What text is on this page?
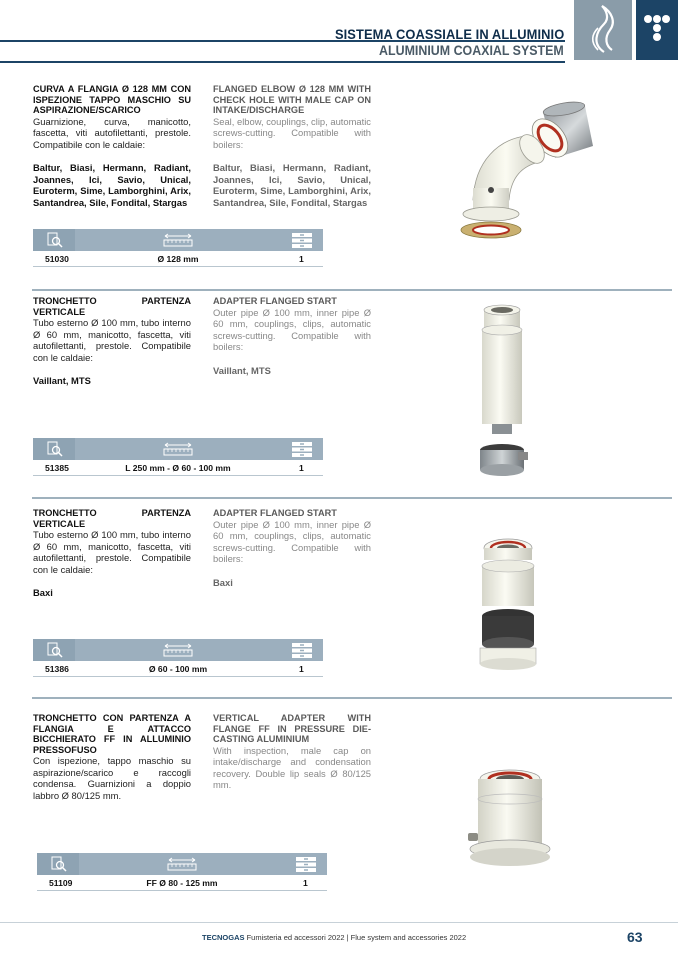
SISTEMA COASSIALE IN ALLUMINIO
ALUMINIUM COAXIAL SYSTEM

CURVA A FLANGIA Ø 128 MM CON ISPEZIONE TAPPO MASCHIO SU ASPIRAZIONE/SCARICO

Guarnizione, curva, manicotto, fascetta, viti autofilettanti, prestole. Compatibile con le caldaie:

Baltur, Biasi, Hermann, Radiant, Joannes, Ici, Savio, Unical, Euroterm, Sime, Lamborghini, Arix, Santandrea, Sile, Fondital, Stargas

FLANGED ELBOW Ø 128 MM WITH CHECK HOLE WITH MALE CAP ON INTAKE/DISCHARGE

Seal, elbow, couplings, clip, automatic screws-cutting. Compatible with boilers:

Baltur, Biasi, Hermann, Radiant, Joannes, Ici, Savio, Unical, Euroterm, Sime, Lamborghini, Arix, Santandrea, Sile, Fondital, Stargas

51030	Ø 128 mm	1

TRONCHETTO PARTENZA VERTICALE

Tubo esterno Ø 100 mm, tubo interno Ø 60 mm, manicotto, fascetta, viti autofilettanti, prestole. Compatibile con le caldaie:

Vaillant, MTS

ADAPTER FLANGED START

Outer pipe Ø 100 mm, inner pipe Ø 60 mm, couplings, clips, automatic screws-cutting. Compatible with boilers:

Vaillant, MTS

51385	L 250 mm - Ø 60 - 100 mm	1

TRONCHETTO PARTENZA VERTICALE

Tubo esterno Ø 100 mm, tubo interno Ø 60 mm, manicotto, fascetta, viti autofilettanti, prestole. Compatibile con le caldaie:

Baxi

ADAPTER FLANGED START

Outer pipe Ø 100 mm, inner pipe Ø 60 mm, couplings, clips, automatic screws-cutting. Compatible with boilers:

Baxi

51386	Ø 60 - 100 mm	1

TRONCHETTO CON PARTENZA A FLANGIA E ATTACCO BICCHIERATO FF IN ALLUMINIO PRESSOFUSO

Con ispezione, tappo maschio su aspirazione/scarico e raccogli condensa. Guarnizioni a doppio labbro Ø 80/125 mm.

VERTICAL ADAPTER WITH FLANGE FF IN PRESSURE DIE-CASTING ALUMINIUM

With inspection, male cap on intake/discharge and condensation recovery. Double lip seals Ø 80/125 mm.

51109	FF Ø 80 - 125 mm	1
TECNOGAS Fumisteria ed accessori 2022 | Flue system and accessories 2022	63
